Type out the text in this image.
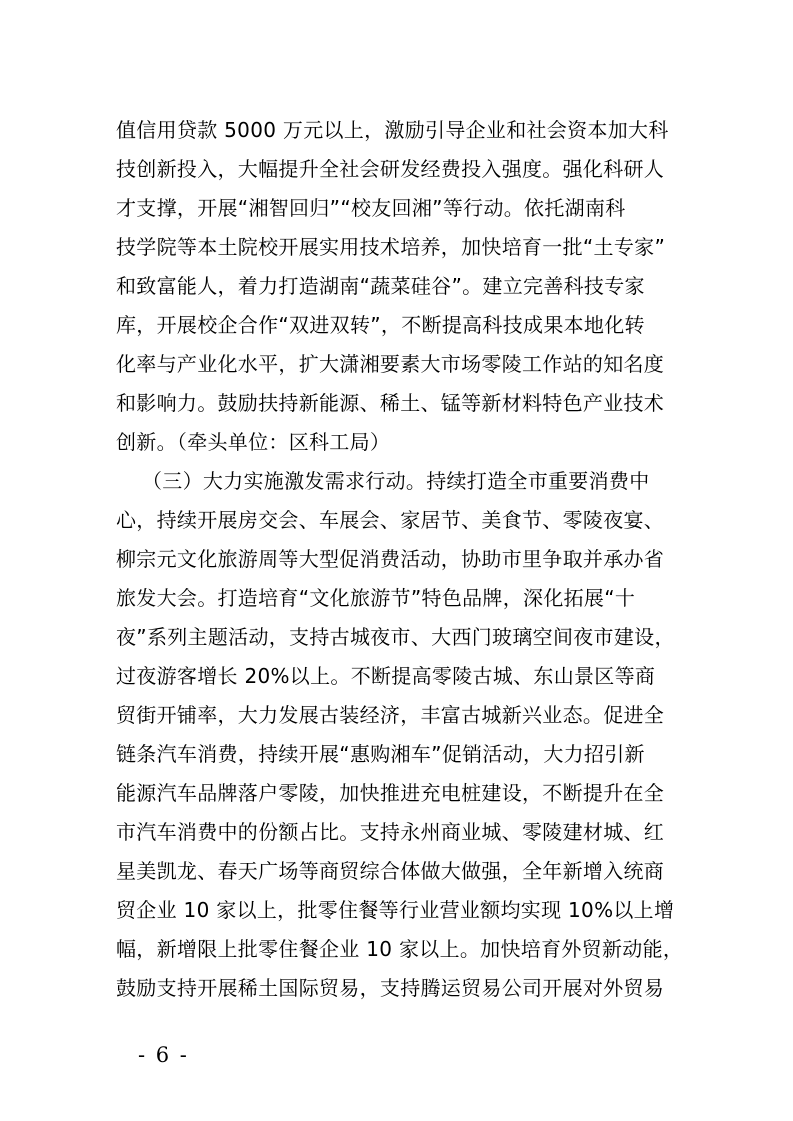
值信用贷款 5000 万元以上，激励引导企业和社会资本加大科
技创新投入，大幅提升全社会研发经费投入强度。强化科研人
才支撑，开展“湘智回归”“校友回湘”等行动。依托湖南科
技学院等本土院校开展实用技术培养，加快培育一批“土专家”
和致富能人，着力打造湖南“蔬菜硅谷”。建立完善科技专家
库，开展校企合作“双进双转”，不断提高科技成果本地化转
化率与产业化水平，扩大潇湘要素大市场零陵工作站的知名度
和影响力。鼓励扶持新能源、稀土、锰等新材料特色产业技术
创新。（牵头单位：区科工局）
（三）大力实施激发需求行动。持续打造全市重要消费中
心，持续开展房交会、车展会、家居节、美食节、零陵夜宴、
柳宗元文化旅游周等大型促消费活动，协助市里争取并承办省
旅发大会。打造培育“文化旅游节”特色品牌，深化拓展“十
夜”系列主题活动，支持古城夜市、大西门玻璃空间夜市建设，
过夜游客增长 20%以上。不断提高零陵古城、东山景区等商
贸街开铺率，大力发展古装经济，丰富古城新兴业态。促进全
链条汽车消费，持续开展“惠购湘车”促销活动，大力招引新
能源汽车品牌落户零陵，加快推进充电桩建设，不断提升在全
市汽车消费中的份额占比。支持永州商业城、零陵建材城、红
星美凯龙、春天广场等商贸综合体做大做强，全年新增入统商
贸企业 10 家以上，批零住餐等行业营业额均实现 10%以上增
幅，新增限上批零住餐企业 10 家以上。加快培育外贸新动能，
鼓励支持开展稀土国际贸易，支持腾运贸易公司开展对外贸易
- 6 -
